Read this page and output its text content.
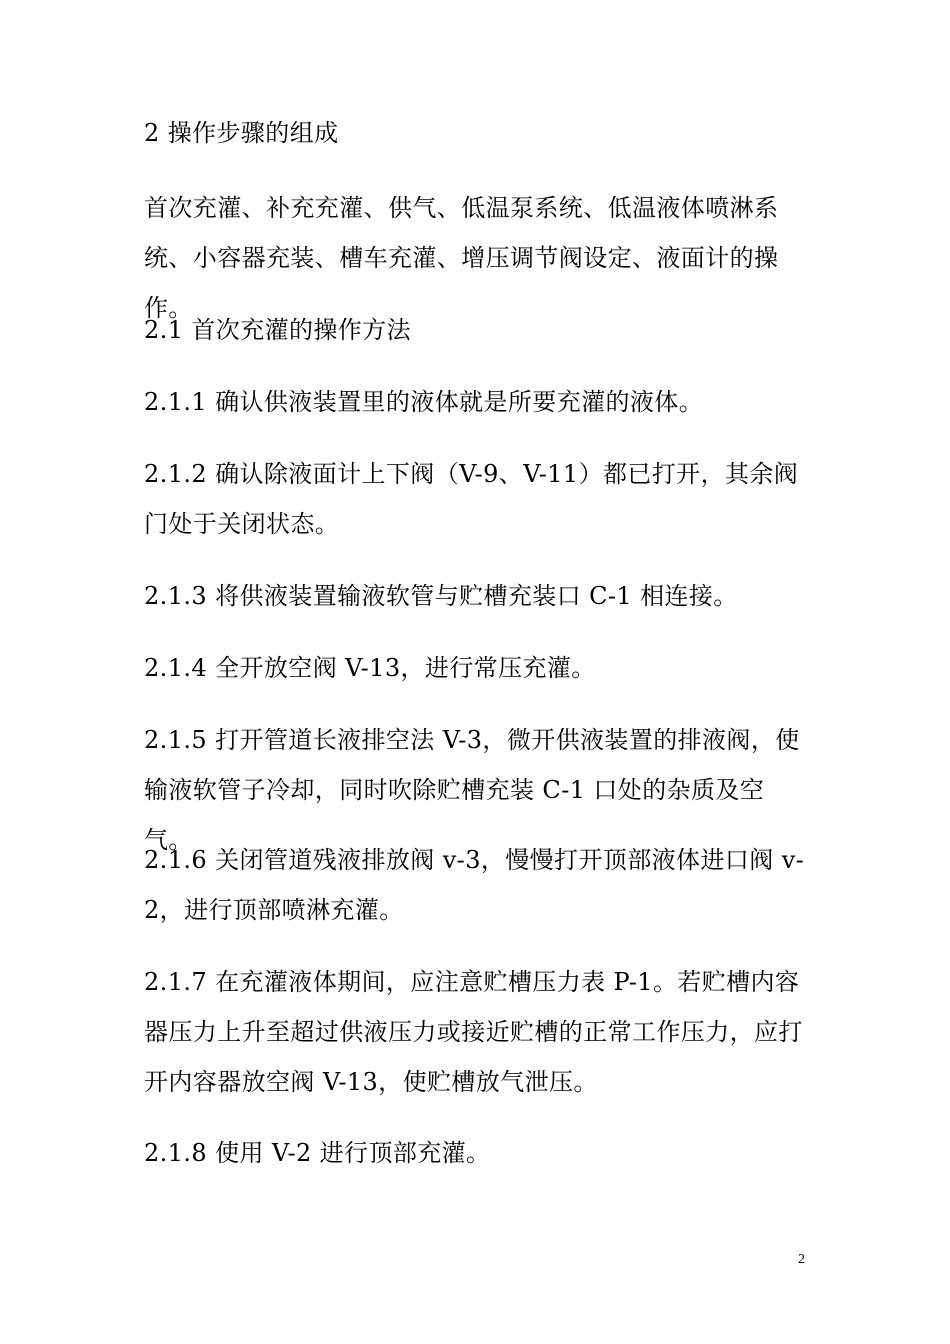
2 操作步骤的组成

首次充灌、补充充灌、供气、低温泵系统、低温液体喷淋系统、小容器充装、槽车充灌、增压调节阀设定、液面计的操作。

2.1 首次充灌的操作方法

2.1.1 确认供液装置里的液体就是所要充灌的液体。

2.1.2 确认除液面计上下阀（V-9、V-11）都已打开，其余阀门处于关闭状态。

2.1.3 将供液装置输液软管与贮槽充装口 C-1 相连接。

2.1.4 全开放空阀 V-13，进行常压充灌。

2.1.5 打开管道长液排空法 V-3，微开供液装置的排液阀，使输液软管子冷却，同时吹除贮槽充装 C-1 口处的杂质及空气。

2.1.6 关闭管道残液排放阀 v-3，慢慢打开顶部液体进口阀 v-2，进行顶部喷淋充灌。

2.1.7 在充灌液体期间，应注意贮槽压力表 P-1。若贮槽内容器压力上升至超过供液压力或接近贮槽的正常工作压力，应打开内容器放空阀 V-13，使贮槽放气泄压。

2.1.8 使用 V-2 进行顶部充灌。

2
